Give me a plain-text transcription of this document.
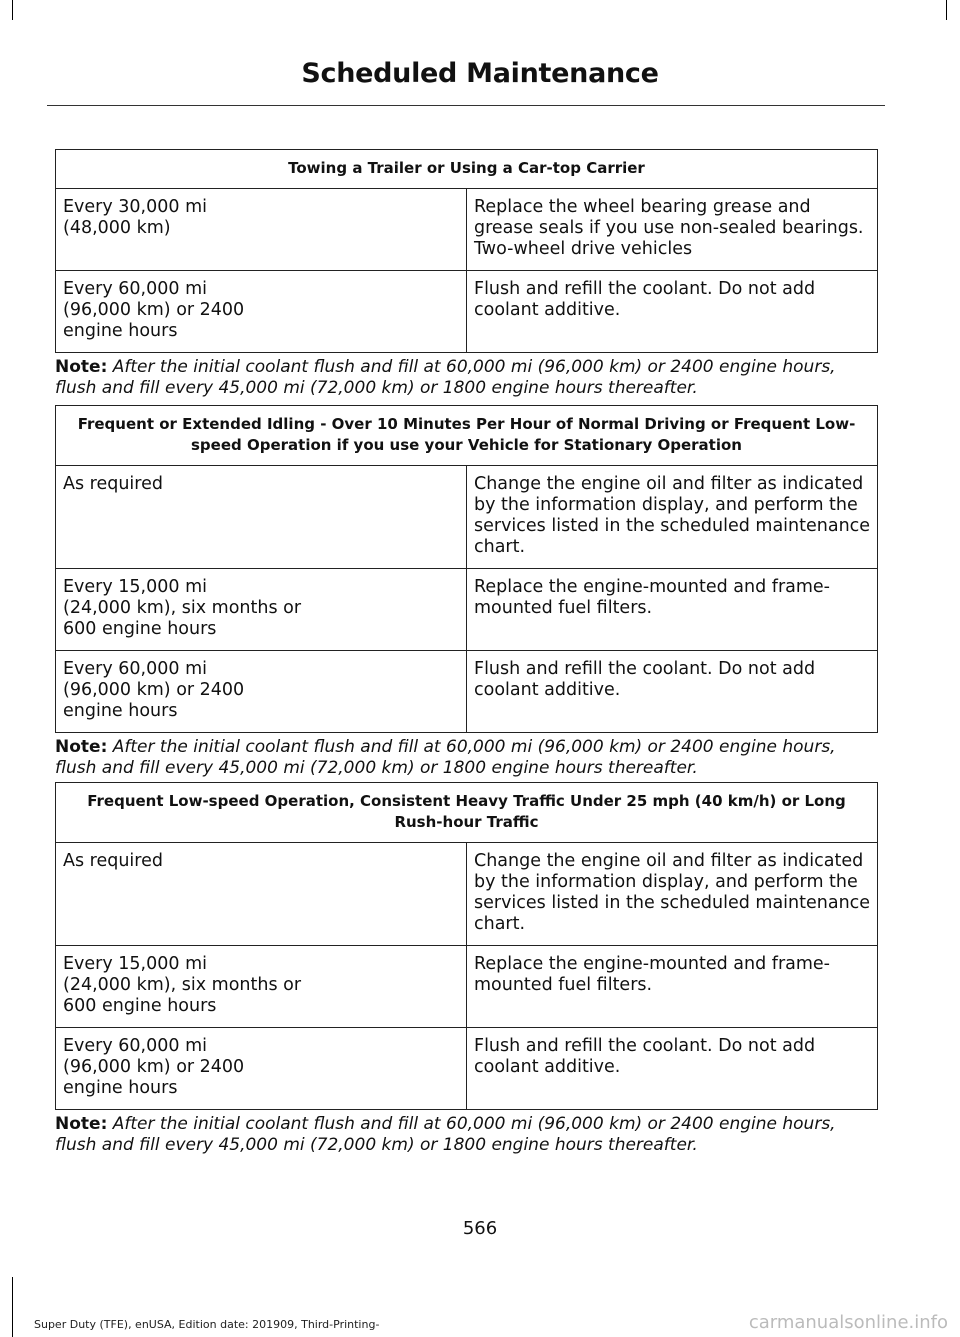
Scheduled Maintenance
Towing a Trailer or Using a Car-top Carrier	
Every 30,000 mi
(48,000 km)	Replace the wheel bearing grease and grease seals if you use non-sealed bearings. Two-wheel drive vehicles
Every 60,000 mi
(96,000 km) or 2400
engine hours	Flush and refill the coolant. Do not add coolant additive.
Note: After the initial coolant flush and fill at 60,000 mi (96,000 km) or 2400 engine hours, flush and fill every 45,000 mi (72,000 km) or 1800 engine hours thereafter.
Frequent or Extended Idling - Over 10 Minutes Per Hour of Normal Driving or Frequent Low-speed Operation if you use your Vehicle for Stationary Operation	
As required	Change the engine oil and filter as indicated by the information display, and perform the services listed in the scheduled maintenance chart.
Every 15,000 mi
(24,000 km), six months or
600 engine hours	Replace the engine-mounted and frame-mounted fuel filters.
Every 60,000 mi
(96,000 km) or 2400
engine hours	Flush and refill the coolant. Do not add coolant additive.
Note: After the initial coolant flush and fill at 60,000 mi (96,000 km) or 2400 engine hours, flush and fill every 45,000 mi (72,000 km) or 1800 engine hours thereafter.
Frequent Low-speed Operation, Consistent Heavy Traffic Under 25 mph (40 km/h) or Long Rush-hour Traffic	
As required	Change the engine oil and filter as indicated by the information display, and perform the services listed in the scheduled maintenance chart.
Every 15,000 mi
(24,000 km), six months or
600 engine hours	Replace the engine-mounted and frame-mounted fuel filters.
Every 60,000 mi
(96,000 km) or 2400
engine hours	Flush and refill the coolant. Do not add coolant additive.
Note: After the initial coolant flush and fill at 60,000 mi (96,000 km) or 2400 engine hours, flush and fill every 45,000 mi (72,000 km) or 1800 engine hours thereafter.
566
Super Duty (TFE), enUSA, Edition date: 201909, Third-Printing-	carmanualsonline.info
